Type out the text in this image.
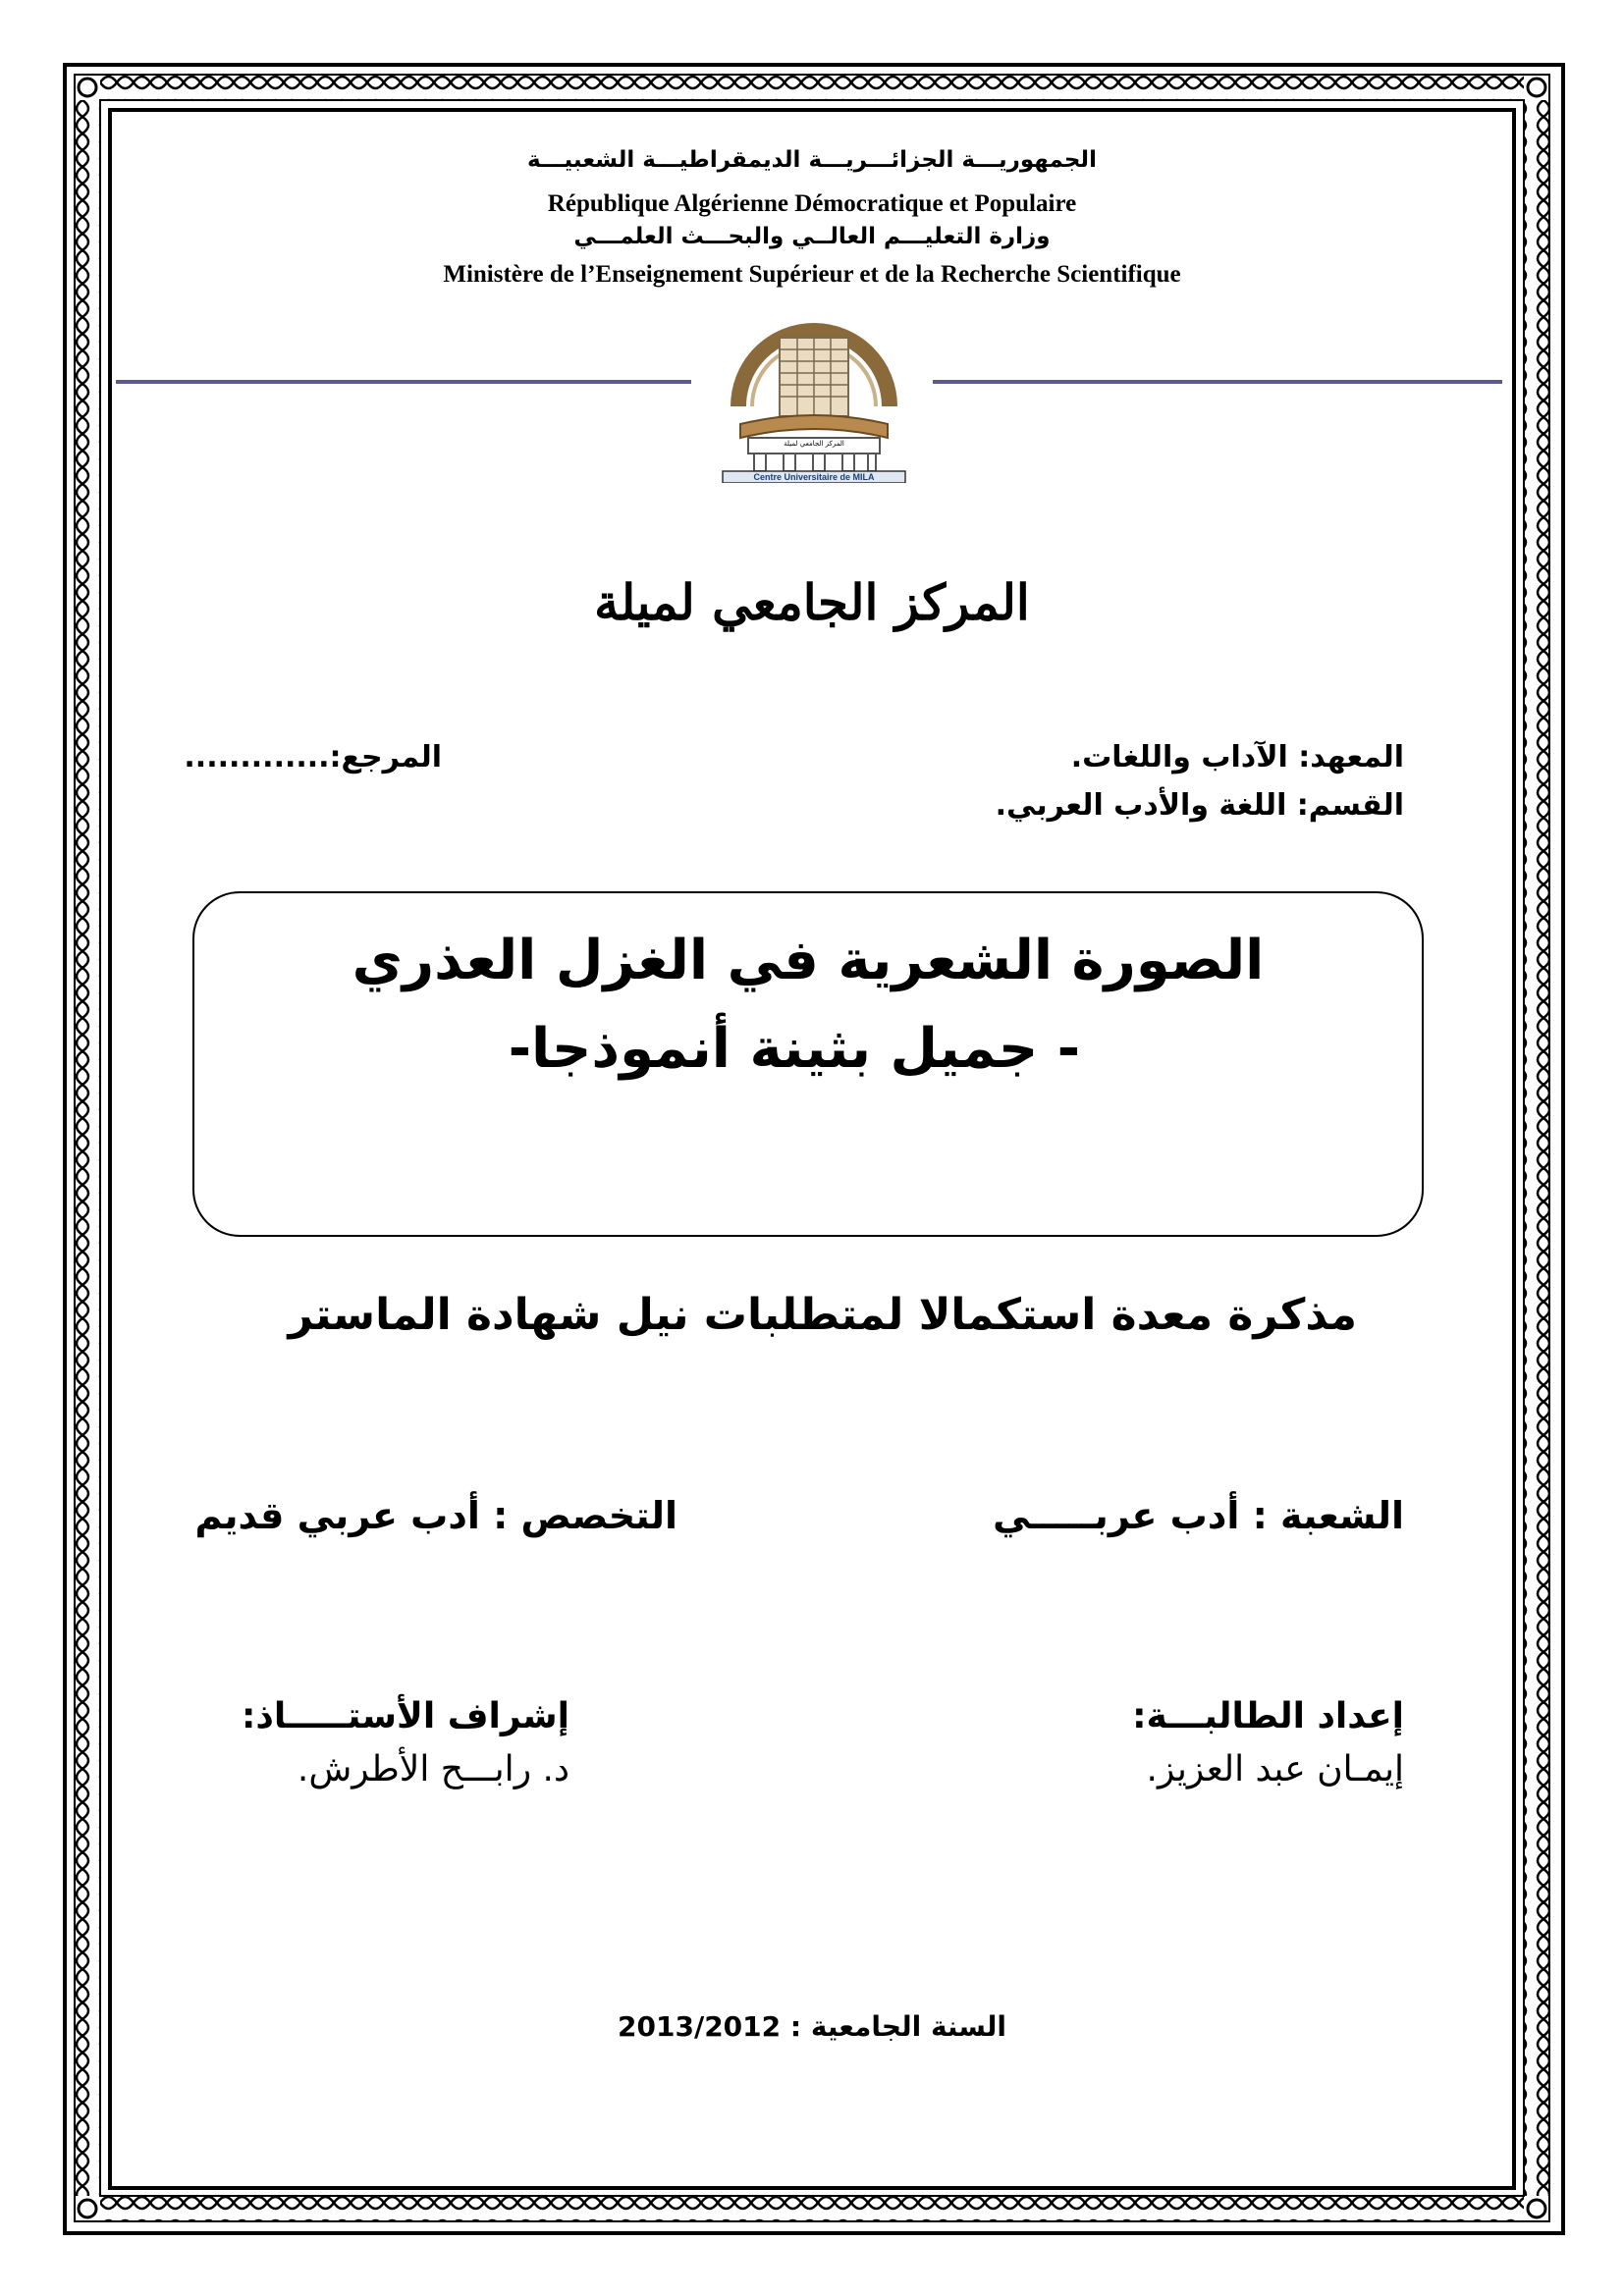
الجمهوريـــة الجزائـــريـــة الديمقراطيـــة الشعبيـــة
République Algérienne Démocratique et Populaire
وزارة التعليـــم العالــي والبحـــث العلمـــي
Ministère de l’Enseignement Supérieur et de la Recherche Scientifique
المركز الجامعي لميلة
Centre Universitaire de MILA
المركز الجامعي لميلة
المعهد: الآداب واللغات.
المرجع:.............
القسم: اللغة والأدب العربي.
الصورة الشعرية في الغزل العذري
- جميل بثينة أنموذجا-
مذكرة معدة استكمالا لمتطلبات نيل شهادة الماستر
الشعبة : أدب عربـــــي
التخصص : أدب عربي قديم
إعداد الطالبـــة:
إيمـان عبد العزيز.
إشراف الأستـــــاذ:
د. رابـــح الأطرش.
السنة الجامعية : 2013/2012
